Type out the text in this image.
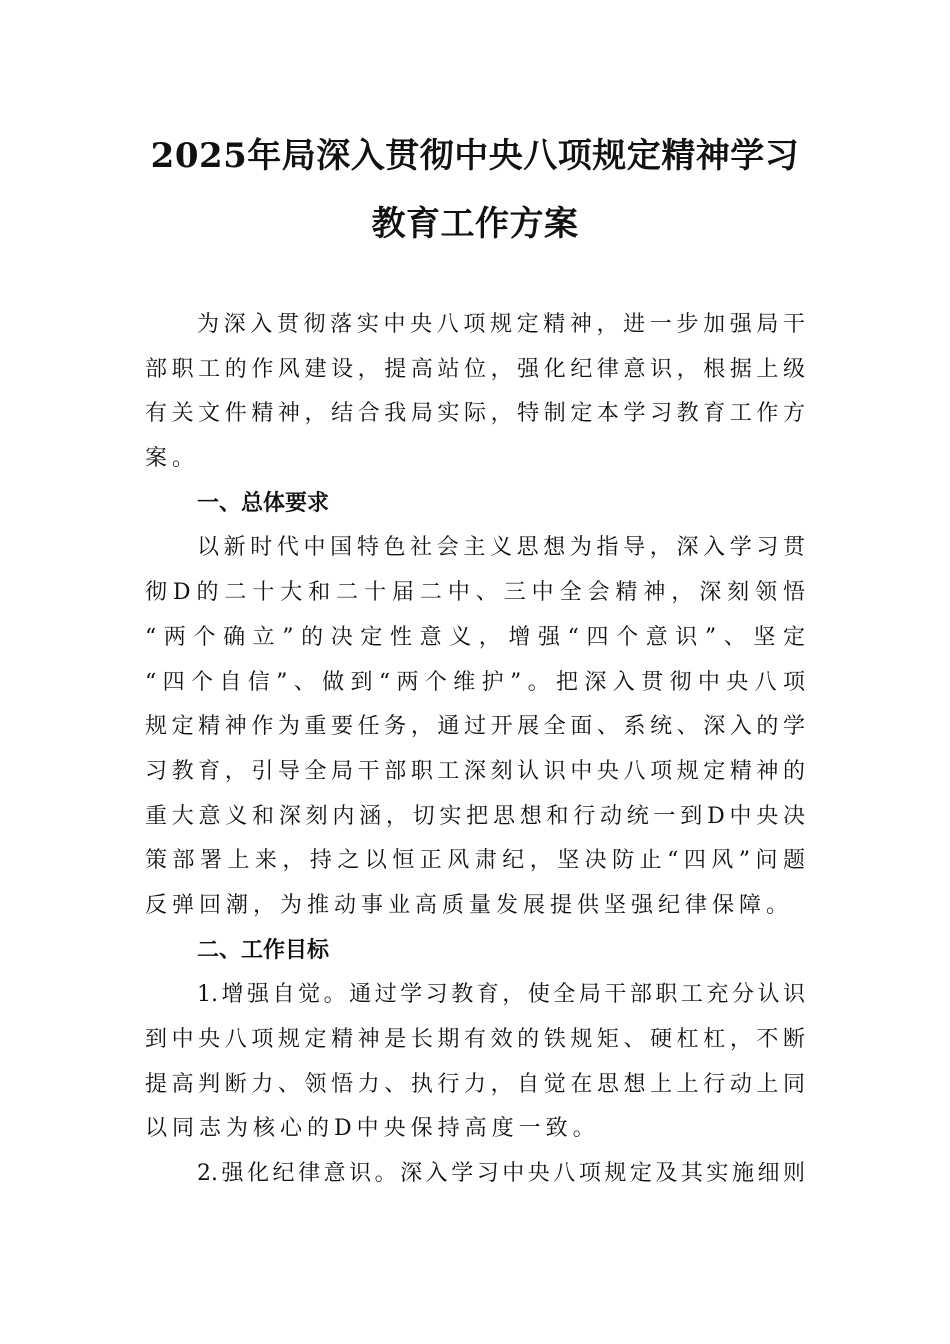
2025年局深入贯彻中央八项规定精神学习
教育工作方案
为深入贯彻落实中央八项规定精神，进一步加强局干
部职工的作风建设，提高站位，强化纪律意识，根据上级
有关文件精神，结合我局实际，特制定本学习教育工作方
案。
一、总体要求
以新时代中国特色社会主义思想为指导，深入学习贯
彻D的二十大和二十届二中、三中全会精神，深刻领悟
“两个确立”的决定性意义，增强“四个意识”、坚定
“四个自信”、做到“两个维护”。把深入贯彻中央八项
规定精神作为重要任务，通过开展全面、系统、深入的学
习教育，引导全局干部职工深刻认识中央八项规定精神的
重大意义和深刻内涵，切实把思想和行动统一到D中央决
策部署上来，持之以恒正风肃纪，坚决防止“四风”问题
反弹回潮，为推动事业高质量发展提供坚强纪律保障。
二、工作目标
1.增强自觉。通过学习教育，使全局干部职工充分认识
到中央八项规定精神是长期有效的铁规矩、硬杠杠，不断
提高判断力、领悟力、执行力，自觉在思想上上行动上同
以同志为核心的D中央保持高度一致。
2.强化纪律意识。深入学习中央八项规定及其实施细则
